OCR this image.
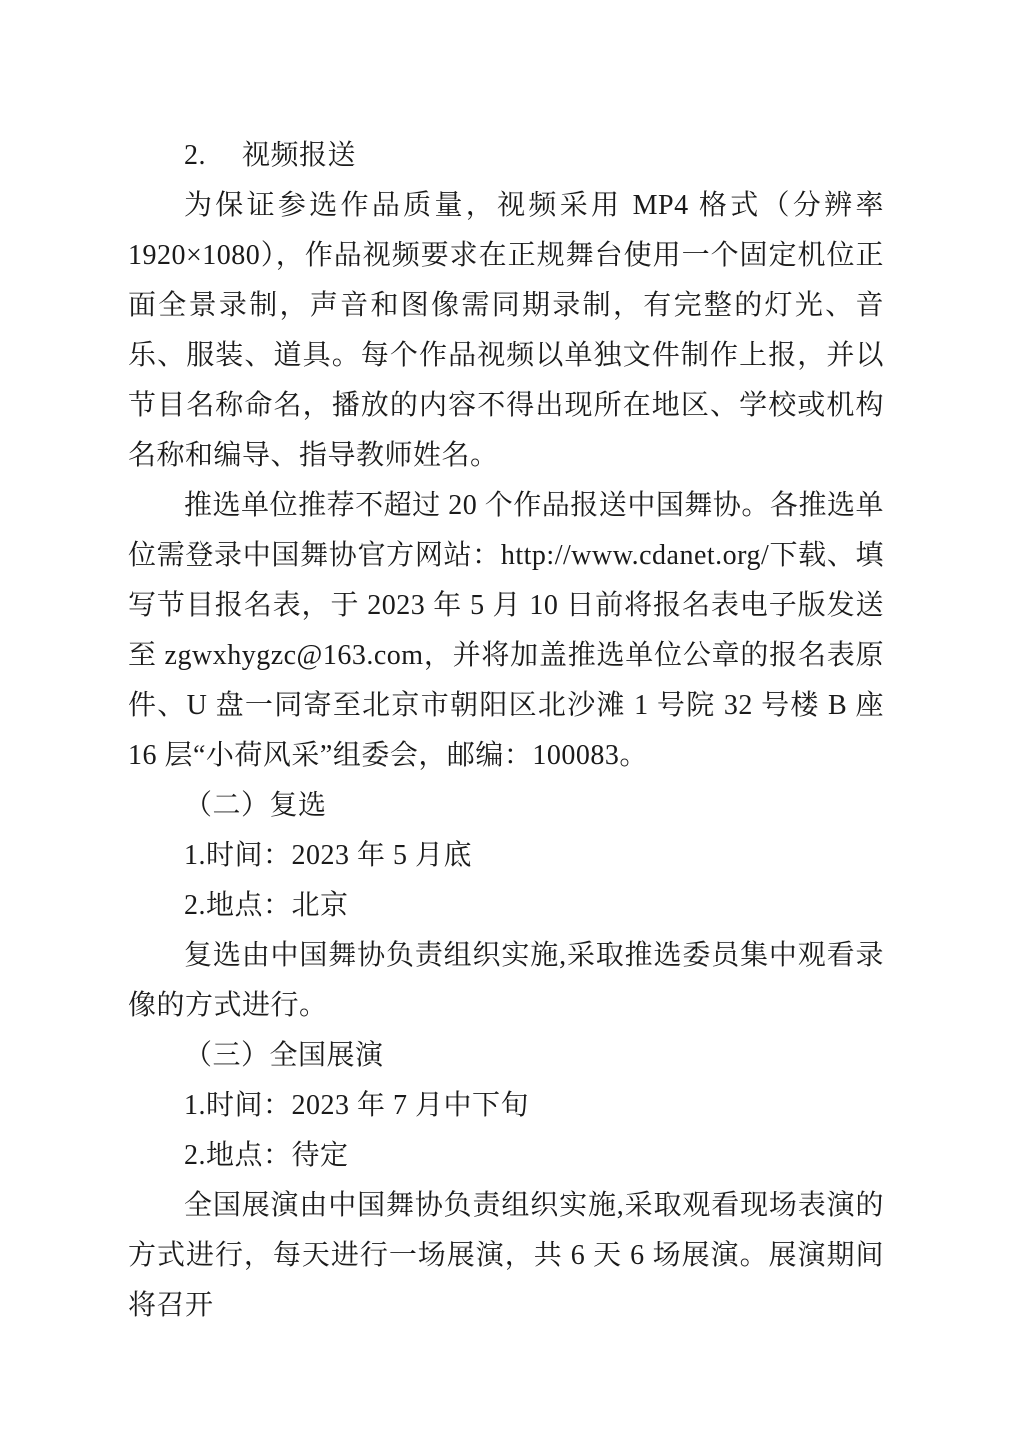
2.　 视频报送

为保证参选作品质量，视频采用 MP4 格式（分辨率 1920×1080），作品视频要求在正规舞台使用一个固定机位正面全景录制，声音和图像需同期录制，有完整的灯光、音乐、服装、道具。每个作品视频以单独文件制作上报，并以节目名称命名，播放的内容不得出现所在地区、学校或机构名称和编导、指导教师姓名。

推选单位推荐不超过 20 个作品报送中国舞协。各推选单位需登录中国舞协官方网站：http://www.cdanet.org/下载、填写节目报名表，于 2023 年 5 月 10 日前将报名表电子版发送至 zgwxhygzc@163.com，并将加盖推选单位公章的报名表原件、U 盘一同寄至北京市朝阳区北沙滩 1 号院 32 号楼 B 座 16 层“小荷风采”组委会，邮编：100083。

（二）复选

1.时间：2023 年 5 月底

2.地点：北京

复选由中国舞协负责组织实施,采取推选委员集中观看录像的方式进行。

（三）全国展演

1.时间：2023 年 7 月中下旬

2.地点：待定

全国展演由中国舞协负责组织实施,采取观看现场表演的方式进行，每天进行一场展演，共 6 天 6 场展演。展演期间将召开
